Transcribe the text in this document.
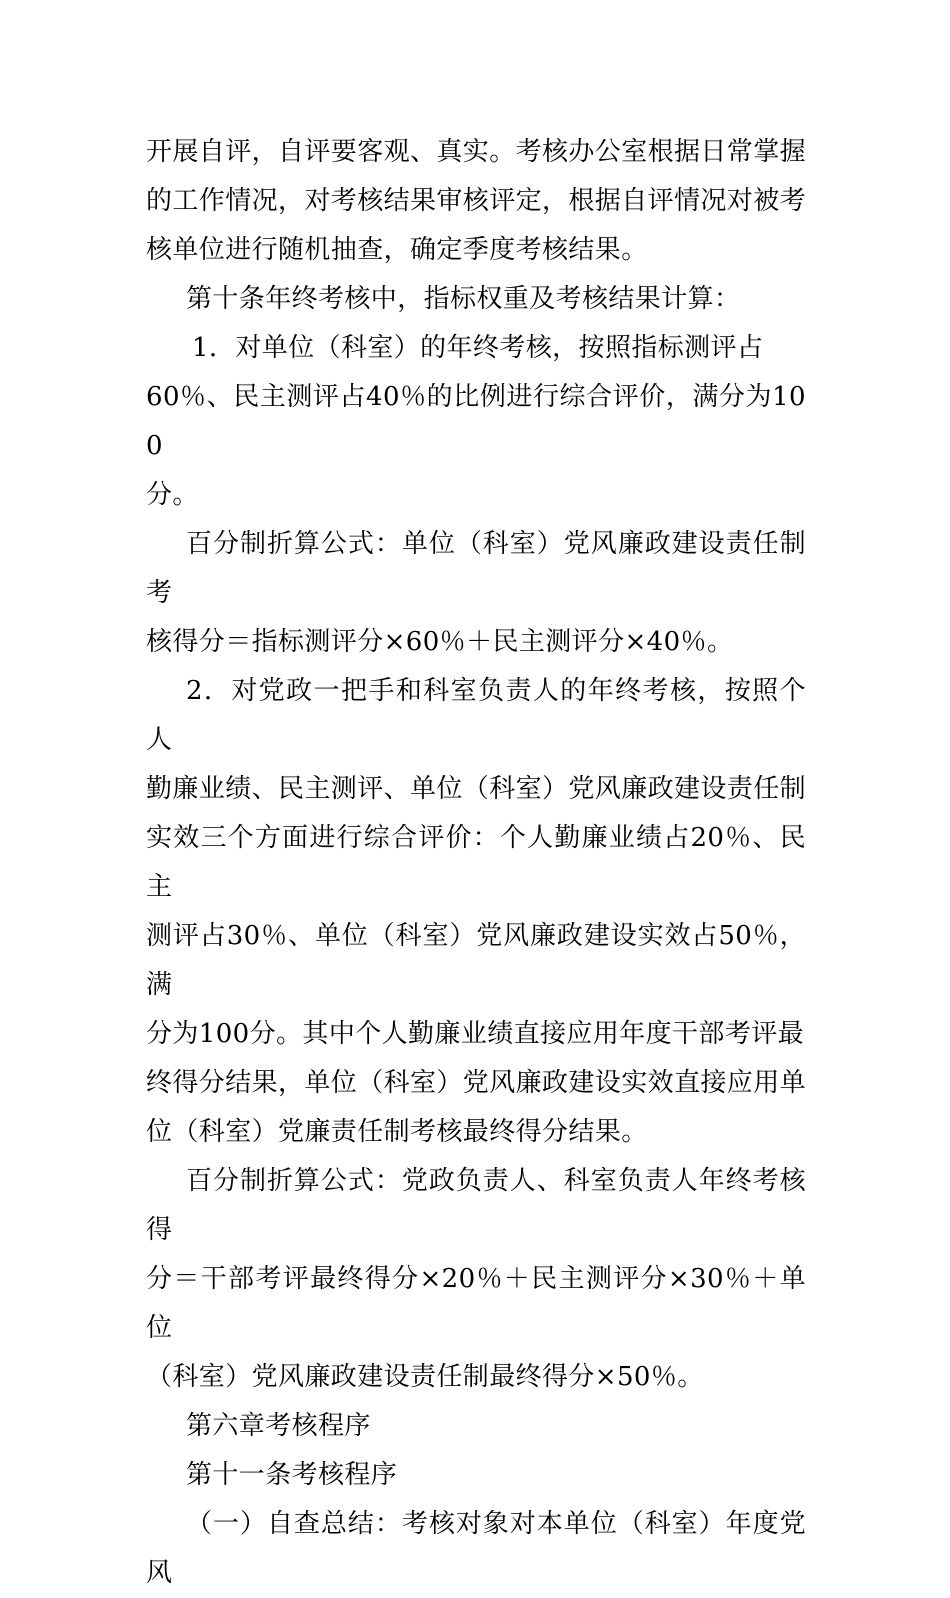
开展自评，自评要客观、真实。考核办公室根据日常掌握
的工作情况，对考核结果审核评定，根据自评情况对被考
核单位进行随机抽查，确定季度考核结果。

第十条年终考核中，指标权重及考核结果计算：

1．对单位（科室）的年终考核，按照指标测评占
60％、民主测评占40％的比例进行综合评价，满分为100
分。

百分制折算公式：单位（科室）党风廉政建设责任制考
核得分＝指标测评分×60％＋民主测评分×40％。

2．对党政一把手和科室负责人的年终考核，按照个人
勤廉业绩、民主测评、单位（科室）党风廉政建设责任制
实效三个方面进行综合评价：个人勤廉业绩占20％、民主
测评占30％、单位（科室）党风廉政建设实效占50％，满
分为100分。其中个人勤廉业绩直接应用年度干部考评最
终得分结果，单位（科室）党风廉政建设实效直接应用单
位（科室）党廉责任制考核最终得分结果。

百分制折算公式：党政负责人、科室负责人年终考核得
分＝干部考评最终得分×20％＋民主测评分×30％＋单位
（科室）党风廉政建设责任制最终得分×50％。

第六章考核程序

第十一条考核程序

（一）自查总结：考核对象对本单位（科室）年度党风
